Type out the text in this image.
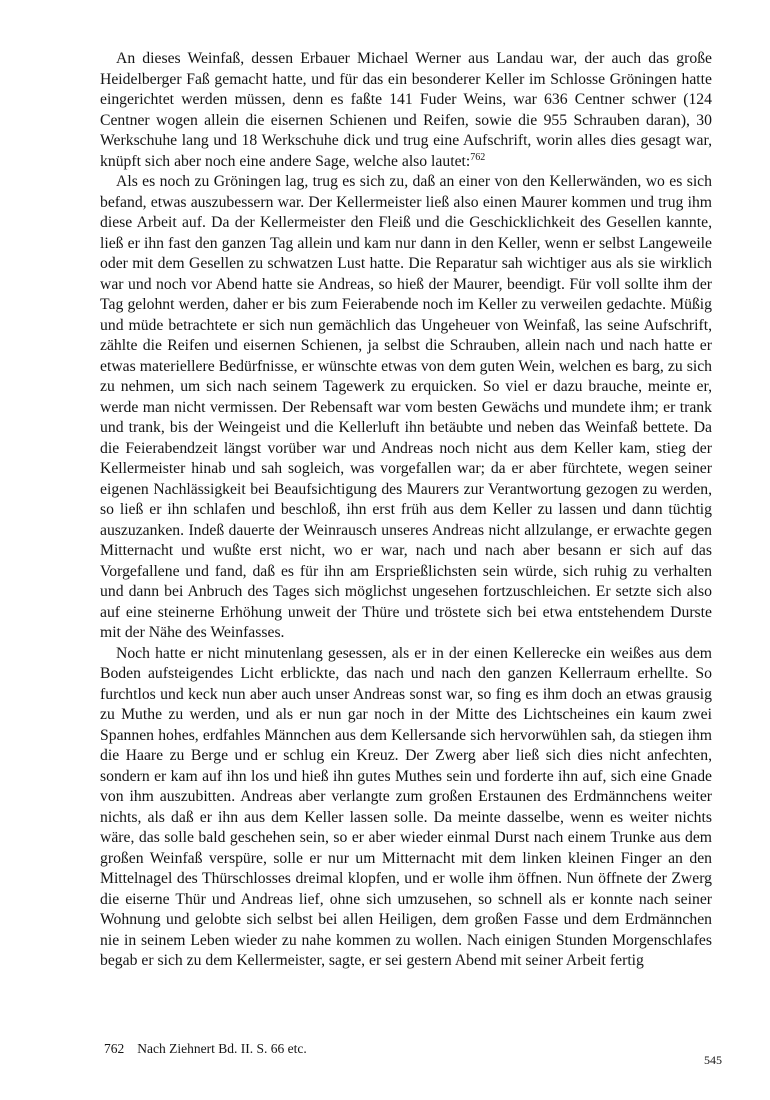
An dieses Weinfaß, dessen Erbauer Michael Werner aus Landau war, der auch das große Heidelberger Faß gemacht hatte, und für das ein besonderer Keller im Schlosse Gröningen hatte eingerichtet werden müssen, denn es faßte 141 Fuder Weins, war 636 Centner schwer (124 Centner wogen allein die eisernen Schienen und Reifen, sowie die 955 Schrauben daran), 30 Werkschuhe lang und 18 Werkschuhe dick und trug eine Aufschrift, worin alles dies gesagt war, knüpft sich aber noch eine andere Sage, welche also lautet:$^{762}$

Als es noch zu Gröningen lag, trug es sich zu, daß an einer von den Kellerwänden, wo es sich befand, etwas auszubessern war. Der Kellermeister ließ also einen Maurer kommen und trug ihm diese Arbeit auf. Da der Kellermeister den Fleiß und die Geschicklichkeit des Gesellen kannte, ließ er ihn fast den ganzen Tag allein und kam nur dann in den Keller, wenn er selbst Langeweile oder mit dem Gesellen zu schwatzen Lust hatte. Die Reparatur sah wichtiger aus als sie wirklich war und noch vor Abend hatte sie Andreas, so hieß der Maurer, beendigt. Für voll sollte ihm der Tag gelohnt werden, daher er bis zum Feierabende noch im Keller zu verweilen gedachte. Müßig und müde betrachtete er sich nun gemächlich das Ungeheuer von Weinfaß, las seine Aufschrift, zählte die Reifen und eisernen Schienen, ja selbst die Schrauben, allein nach und nach hatte er etwas materiellere Bedürfnisse, er wünschte etwas von dem guten Wein, welchen es barg, zu sich zu nehmen, um sich nach seinem Tagewerk zu erquicken. So viel er dazu brauche, meinte er, werde man nicht vermissen. Der Rebensaft war vom besten Gewächs und mundete ihm; er trank und trank, bis der Weingeist und die Kellerluft ihn betäubte und neben das Weinfaß bettete. Da die Feierabendzeit längst vorüber war und Andreas noch nicht aus dem Keller kam, stieg der Kellermeister hinab und sah sogleich, was vorgefallen war; da er aber fürchtete, wegen seiner eigenen Nachlässigkeit bei Beaufsichtigung des Maurers zur Verantwortung gezogen zu werden, so ließ er ihn schlafen und beschloß, ihn erst früh aus dem Keller zu lassen und dann tüchtig auszuzanken. Indeß dauerte der Weinrausch unseres Andreas nicht allzulange, er erwachte gegen Mitternacht und wußte erst nicht, wo er war, nach und nach aber besann er sich auf das Vorgefallene und fand, daß es für ihn am Ersprießlichsten sein würde, sich ruhig zu verhalten und dann bei Anbruch des Tages sich möglichst ungesehen fortzuschleichen. Er setzte sich also auf eine steinerne Erhöhung unweit der Thüre und tröstete sich bei etwa entstehendem Durste mit der Nähe des Weinfasses.

Noch hatte er nicht minutenlang gesessen, als er in der einen Kellerecke ein weißes aus dem Boden aufsteigendes Licht erblickte, das nach und nach den ganzen Kellerraum erhellte. So furchtlos und keck nun aber auch unser Andreas sonst war, so fing es ihm doch an etwas grausig zu Muthe zu werden, und als er nun gar noch in der Mitte des Lichtscheines ein kaum zwei Spannen hohes, erdfahles Männchen aus dem Kellersande sich hervorwühlen sah, da stiegen ihm die Haare zu Berge und er schlug ein Kreuz. Der Zwerg aber ließ sich dies nicht anfechten, sondern er kam auf ihn los und hieß ihn gutes Muthes sein und forderte ihn auf, sich eine Gnade von ihm auszubitten. Andreas aber verlangte zum großen Erstaunen des Erdmännchens weiter nichts, als daß er ihn aus dem Keller lassen solle. Da meinte dasselbe, wenn es weiter nichts wäre, das solle bald geschehen sein, so er aber wieder einmal Durst nach einem Trunke aus dem großen Weinfaß verspüre, solle er nur um Mitternacht mit dem linken kleinen Finger an den Mittelnagel des Thürschlosses dreimal klopfen, und er wolle ihm öffnen. Nun öffnete der Zwerg die eiserne Thür und Andreas lief, ohne sich umzusehen, so schnell als er konnte nach seiner Wohnung und gelobte sich selbst bei allen Heiligen, dem großen Fasse und dem Erdmännchen nie in seinem Leben wieder zu nahe kommen zu wollen. Nach einigen Stunden Morgenschlafes begab er sich zu dem Kellermeister, sagte, er sei gestern Abend mit seiner Arbeit fertig

762 Nach Ziehnert Bd. II. S. 66 etc.
545
